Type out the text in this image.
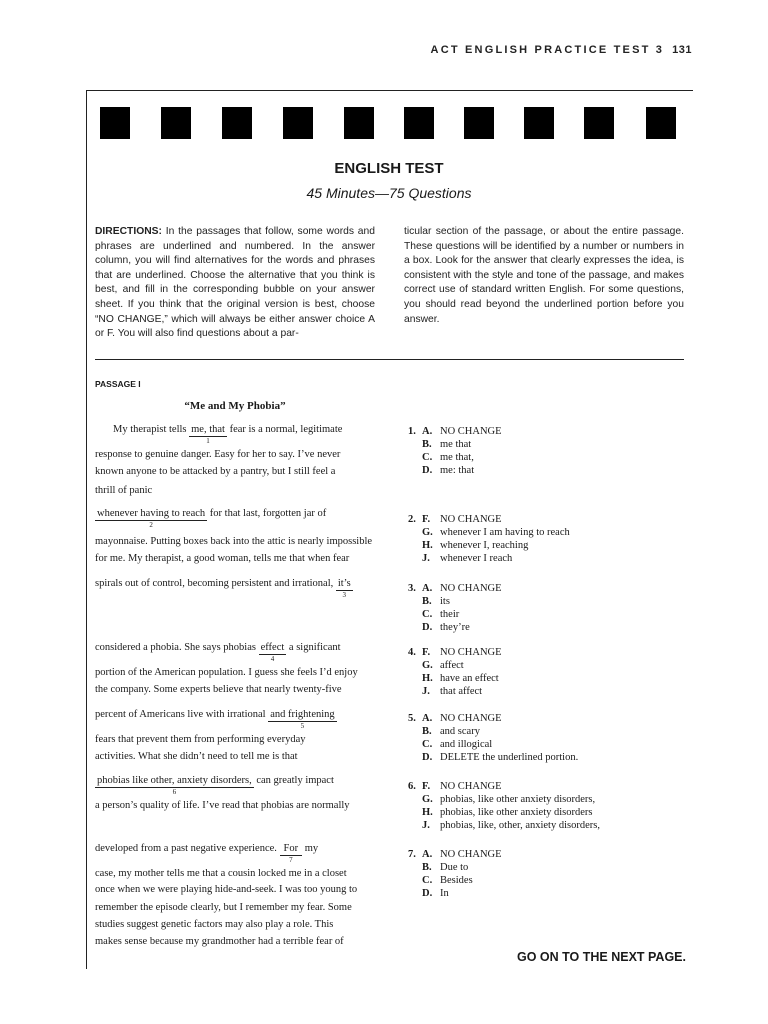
ACT ENGLISH PRACTICE TEST 3 131
ENGLISH TEST
45 Minutes—75 Questions
DIRECTIONS: In the passages that follow, some words and phrases are underlined and numbered. In the answer column, you will find alternatives for the words and phrases that are underlined. Choose the alternative that you think is best, and fill in the corresponding bubble on your answer sheet. If you think that the original version is best, choose “NO CHANGE,” which will always be either answer choice A or F. You will also find questions about a par-
ticular section of the passage, or about the entire passage. These questions will be identified by a number or numbers in a box. Look for the answer that clearly expresses the idea, is consistent with the style and tone of the passage, and makes correct use of standard written English. For some questions, you should read beyond the underlined portion before you answer.
PASSAGE I
“Me and My Phobia”
My therapist tells me, that
1
fear is a normal, legitimate
response to genuine danger. Easy for her to say. I’ve never
known anyone to be attacked by a pantry, but I still feel a
thrill of panic
whenever having to reach
2
for that last, forgotten jar of
mayonnaise. Putting boxes back into the attic is nearly impossible
for me. My therapist, a good woman, tells me that when fear
spirals out of control, becoming persistent and irrational, it’s
3
considered a phobia. She says phobias effect
4
a significant
portion of the American population. I guess she feels I’d enjoy
the company. Some experts believe that nearly twenty-five
percent of Americans live with irrational and frightening
5
fears that prevent them from performing everyday
activities. What she didn’t need to tell me is that
phobias like other, anxiety disorders,
6
can greatly impact
a person’s quality of life. I’ve read that phobias are normally
developed from a past negative experience. For
7
my
case, my mother tells me that a cousin locked me in a closet
once when we were playing hide-and-seek. I was too young to
remember the episode clearly, but I remember my fear. Some
studies suggest genetic factors may also play a role. This
makes sense because my grandmother had a terrible fear of
1. A. NO CHANGE
B. me that
C. me that,
D. me: that
2. F. NO CHANGE
G. whenever I am having to reach
H. whenever I, reaching
J. whenever I reach
3. A. NO CHANGE
B. its
C. their
D. they’re
4. F. NO CHANGE
G. affect
H. have an effect
J. that affect
5. A. NO CHANGE
B. and scary
C. and illogical
D. DELETE the underlined portion.
6. F. NO CHANGE
G. phobias, like other anxiety disorders,
H. phobias, like other anxiety disorders
J. phobias, like, other, anxiety disorders,
7. A. NO CHANGE
B. Due to
C. Besides
D. In
GO ON TO THE NEXT PAGE.
